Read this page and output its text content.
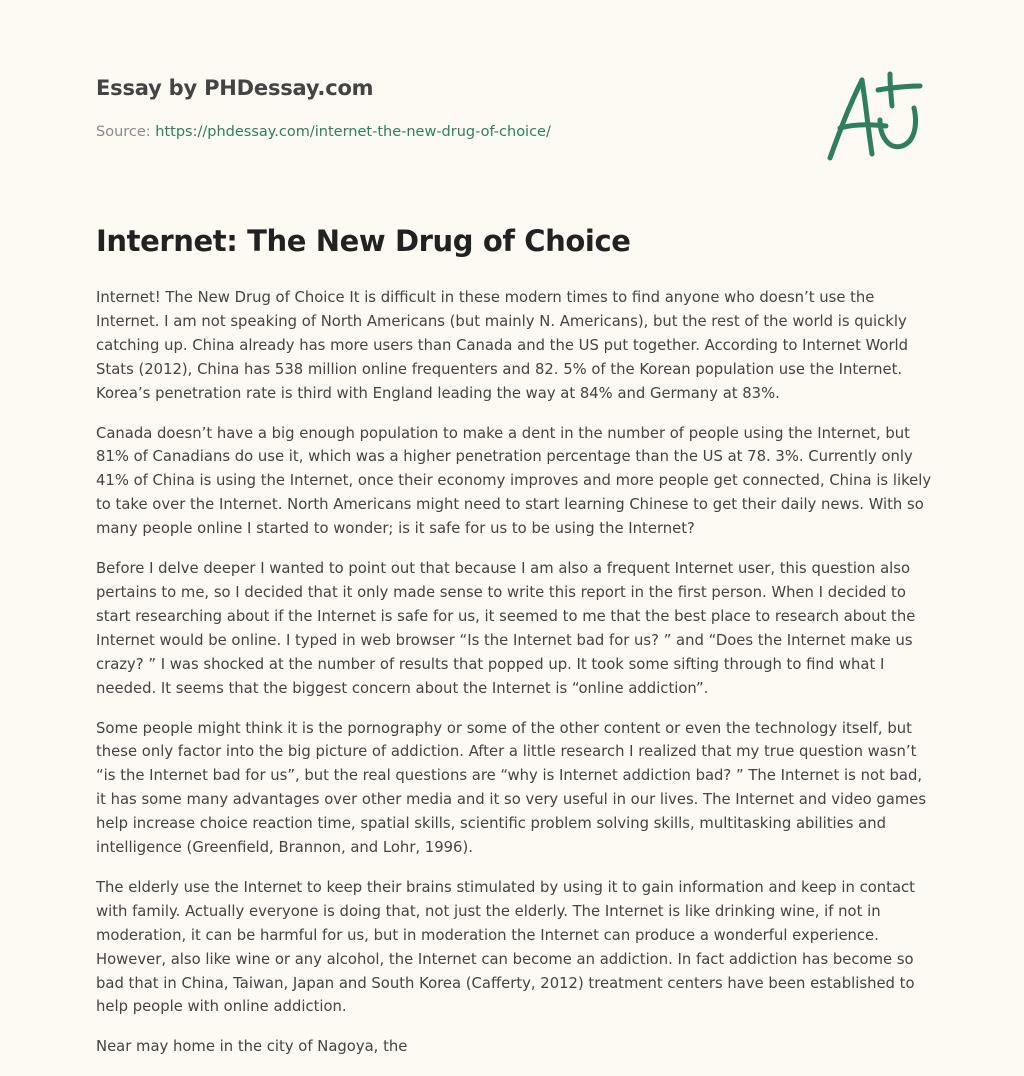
Essay by PHDessay.com

Source: https://phdessay.com/internet-the-new-drug-of-choice/

Internet: The New Drug of Choice

Internet! The New Drug of Choice It is difficult in these modern times to find anyone who doesn’t use the Internet. I am not speaking of North Americans (but mainly N. Americans), but the rest of the world is quickly catching up. China already has more users than Canada and the US put together. According to Internet World Stats (2012), China has 538 million online frequenters and 82. 5% of the Korean population use the Internet. Korea’s penetration rate is third with England leading the way at 84% and Germany at 83%.

Canada doesn’t have a big enough population to make a dent in the number of people using the Internet, but 81% of Canadians do use it, which was a higher penetration percentage than the US at 78. 3%. Currently only 41% of China is using the Internet, once their economy improves and more people get connected, China is likely to take over the Internet. North Americans might need to start learning Chinese to get their daily news. With so many people online I started to wonder; is it safe for us to be using the Internet?

Before I delve deeper I wanted to point out that because I am also a frequent Internet user, this question also pertains to me, so I decided that it only made sense to write this report in the first person. When I decided to start researching about if the Internet is safe for us, it seemed to me that the best place to research about the Internet would be online. I typed in web browser “Is the Internet bad for us? ” and “Does the Internet make us crazy? ” I was shocked at the number of results that popped up. It took some sifting through to find what I needed. It seems that the biggest concern about the Internet is “online addiction”.

Some people might think it is the pornography or some of the other content or even the technology itself, but these only factor into the big picture of addiction. After a little research I realized that my true question wasn’t “is the Internet bad for us”, but the real questions are “why is Internet addiction bad? ” The Internet is not bad, it has some many advantages over other media and it so very useful in our lives. The Internet and video games help increase choice reaction time, spatial skills, scientific problem solving skills, multitasking abilities and intelligence (Greenfield, Brannon, and Lohr, 1996).

The elderly use the Internet to keep their brains stimulated by using it to gain information and keep in contact with family. Actually everyone is doing that, not just the elderly. The Internet is like drinking wine, if not in moderation, it can be harmful for us, but in moderation the Internet can produce a wonderful experience. However, also like wine or any alcohol, the Internet can become an addiction. In fact addiction has become so bad that in China, Taiwan, Japan and South Korea (Cafferty, 2012) treatment centers have been established to help people with online addiction.

Near may home in the city of Nagoya, the
